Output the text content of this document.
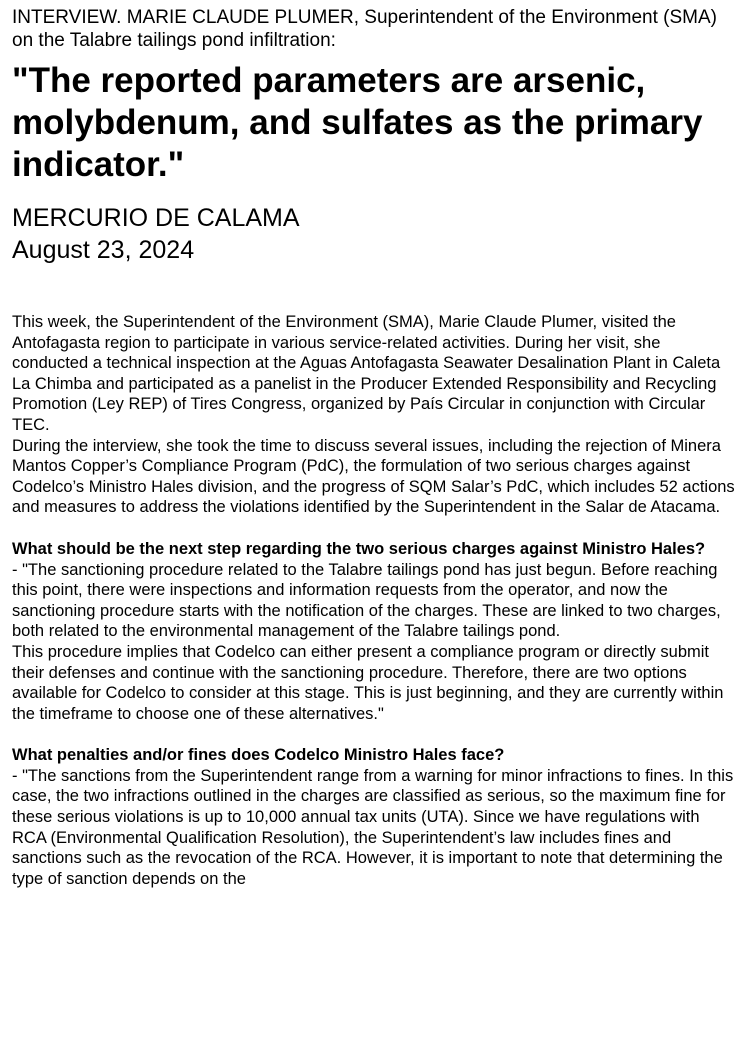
INTERVIEW. MARIE CLAUDE PLUMER, Superintendent of the Environment (SMA) on the Talabre tailings pond infiltration:

"The reported parameters are arsenic, molybdenum, and sulfates as the primary indicator."

MERCURIO DE CALAMA

August 23, 2024

This week, the Superintendent of the Environment (SMA), Marie Claude Plumer, visited the Antofagasta region to participate in various service-related activities. During her visit, she conducted a technical inspection at the Aguas Antofagasta Seawater Desalination Plant in Caleta La Chimba and participated as a panelist in the Producer Extended Responsibility and Recycling Promotion (Ley REP) of Tires Congress, organized by País Circular in conjunction with Circular TEC.

During the interview, she took the time to discuss several issues, including the rejection of Minera Mantos Copper’s Compliance Program (PdC), the formulation of two serious charges against Codelco’s Ministro Hales division, and the progress of SQM Salar’s PdC, which includes 52 actions and measures to address the violations identified by the Superintendent in the Salar de Atacama.

What should be the next step regarding the two serious charges against Ministro Hales?

- "The sanctioning procedure related to the Talabre tailings pond has just begun. Before reaching this point, there were inspections and information requests from the operator, and now the sanctioning procedure starts with the notification of the charges. These are linked to two charges, both related to the environmental management of the Talabre tailings pond.

This procedure implies that Codelco can either present a compliance program or directly submit their defenses and continue with the sanctioning procedure. Therefore, there are two options available for Codelco to consider at this stage. This is just beginning, and they are currently within the timeframe to choose one of these alternatives."

What penalties and/or fines does Codelco Ministro Hales face?

- "The sanctions from the Superintendent range from a warning for minor infractions to fines. In this case, the two infractions outlined in the charges are classified as serious, so the maximum fine for these serious violations is up to 10,000 annual tax units (UTA). Since we have regulations with RCA (Environmental Qualification Resolution), the Superintendent’s law includes fines and sanctions such as the revocation of the RCA. However, it is important to note that determining the type of sanction depends on the
